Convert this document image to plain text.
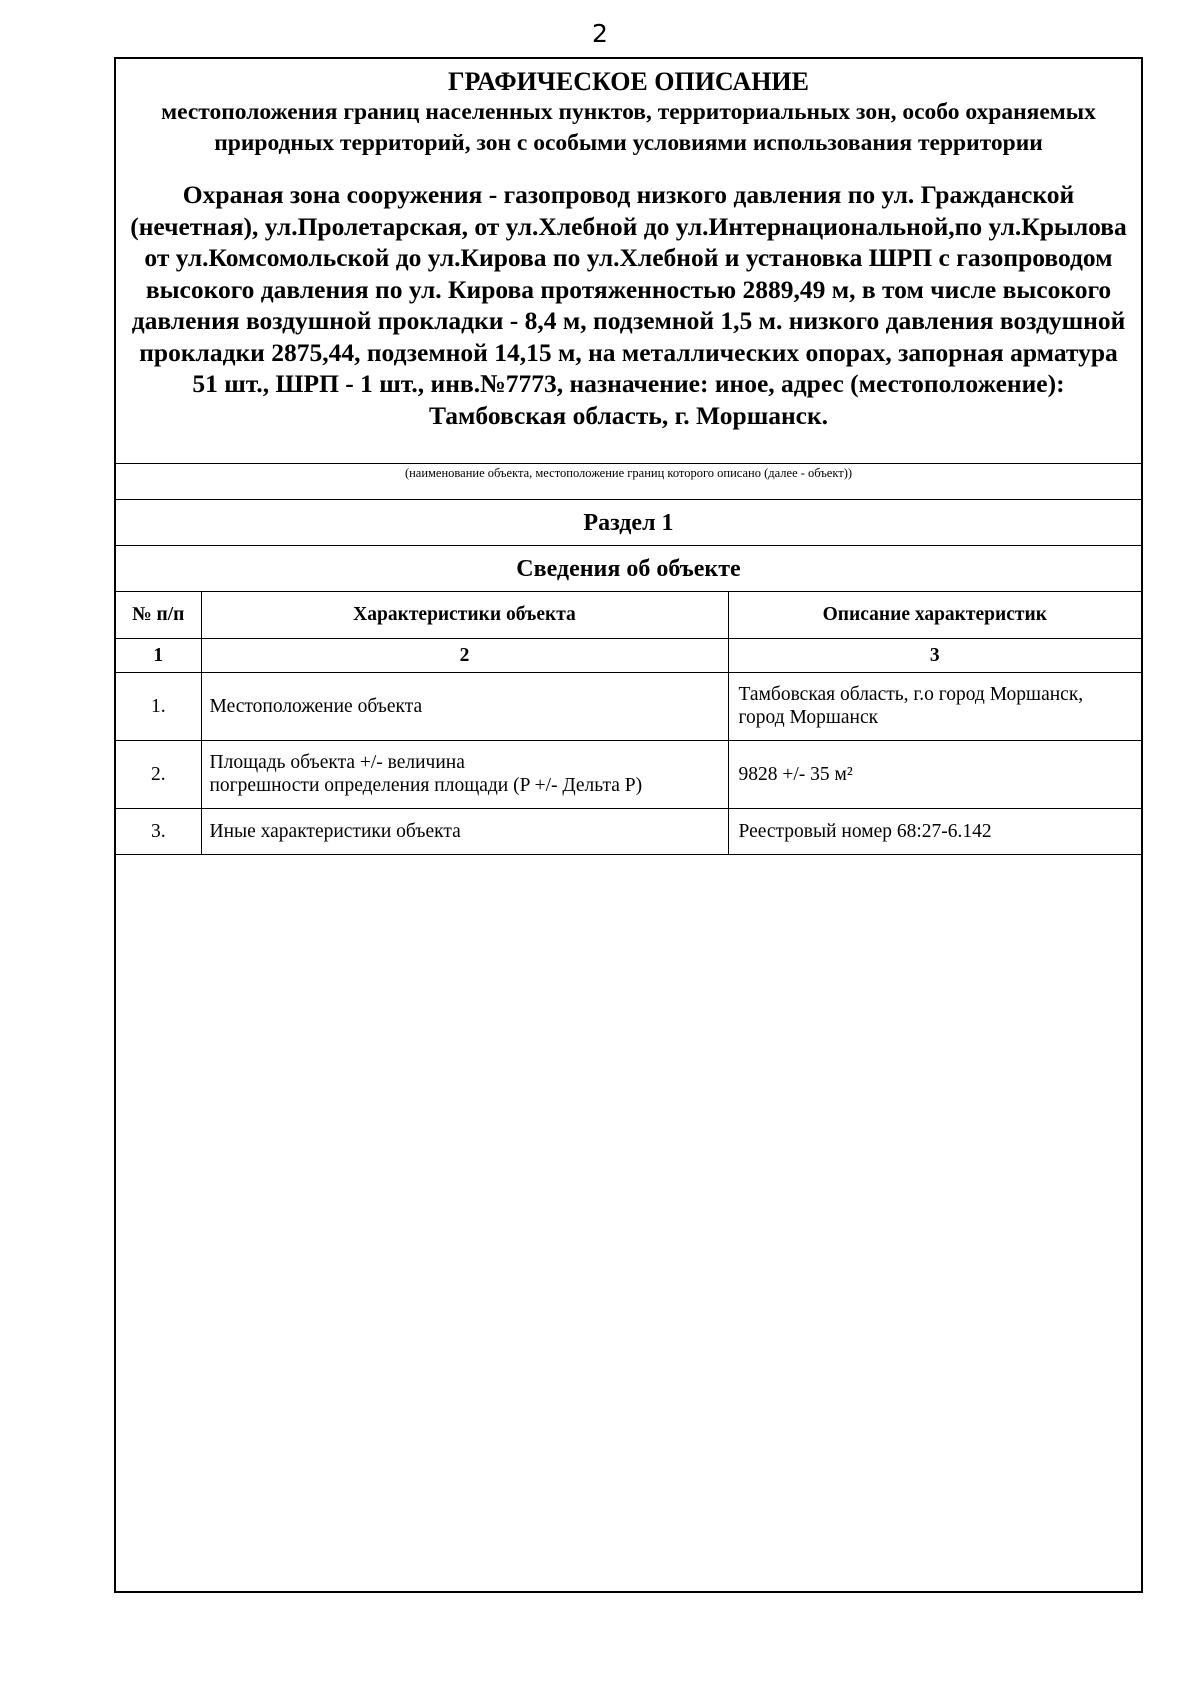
2
ГРАФИЧЕСКОЕ ОПИСАНИЕ
местоположения границ населенных пунктов, территориальных зон, особо охраняемых природных территорий, зон с особыми условиями использования территории
Охраная зона сооружения - газопровод низкого давления по ул. Гражданской (нечетная), ул.Пролетарская, от ул.Хлебной до ул.Интернациональной,по ул.Крылова от ул.Комсомольской до ул.Кирова по ул.Хлебной и установка ШРП с газопроводом высокого давления по ул. Кирова протяженностью 2889,49 м, в том числе высокого давления воздушной прокладки - 8,4 м, подземной 1,5 м. низкого давления воздушной прокладки 2875,44, подземной 14,15 м, на металлических опорах, запорная арматура 51 шт., ШРП - 1 шт., инв.№7773, назначение: иное, адрес (местоположение): Тамбовская область, г. Моршанск.
(наименование объекта, местоположение границ которого описано (далее - объект))
Раздел 1
Сведения об объекте
№ п/п	Характеристики объекта	Описание характеристик
1	2	3
1.	Местоположение объекта	Тамбовская область, г.о город Моршанск,
город Моршанск

2.	Площадь объекта +/- величина
погрешности определения площади (P +/- Дельта P)	9828 +/- 35 м²

3.	Иные характеристики объекта	Реестровый номер 68:27-6.142
